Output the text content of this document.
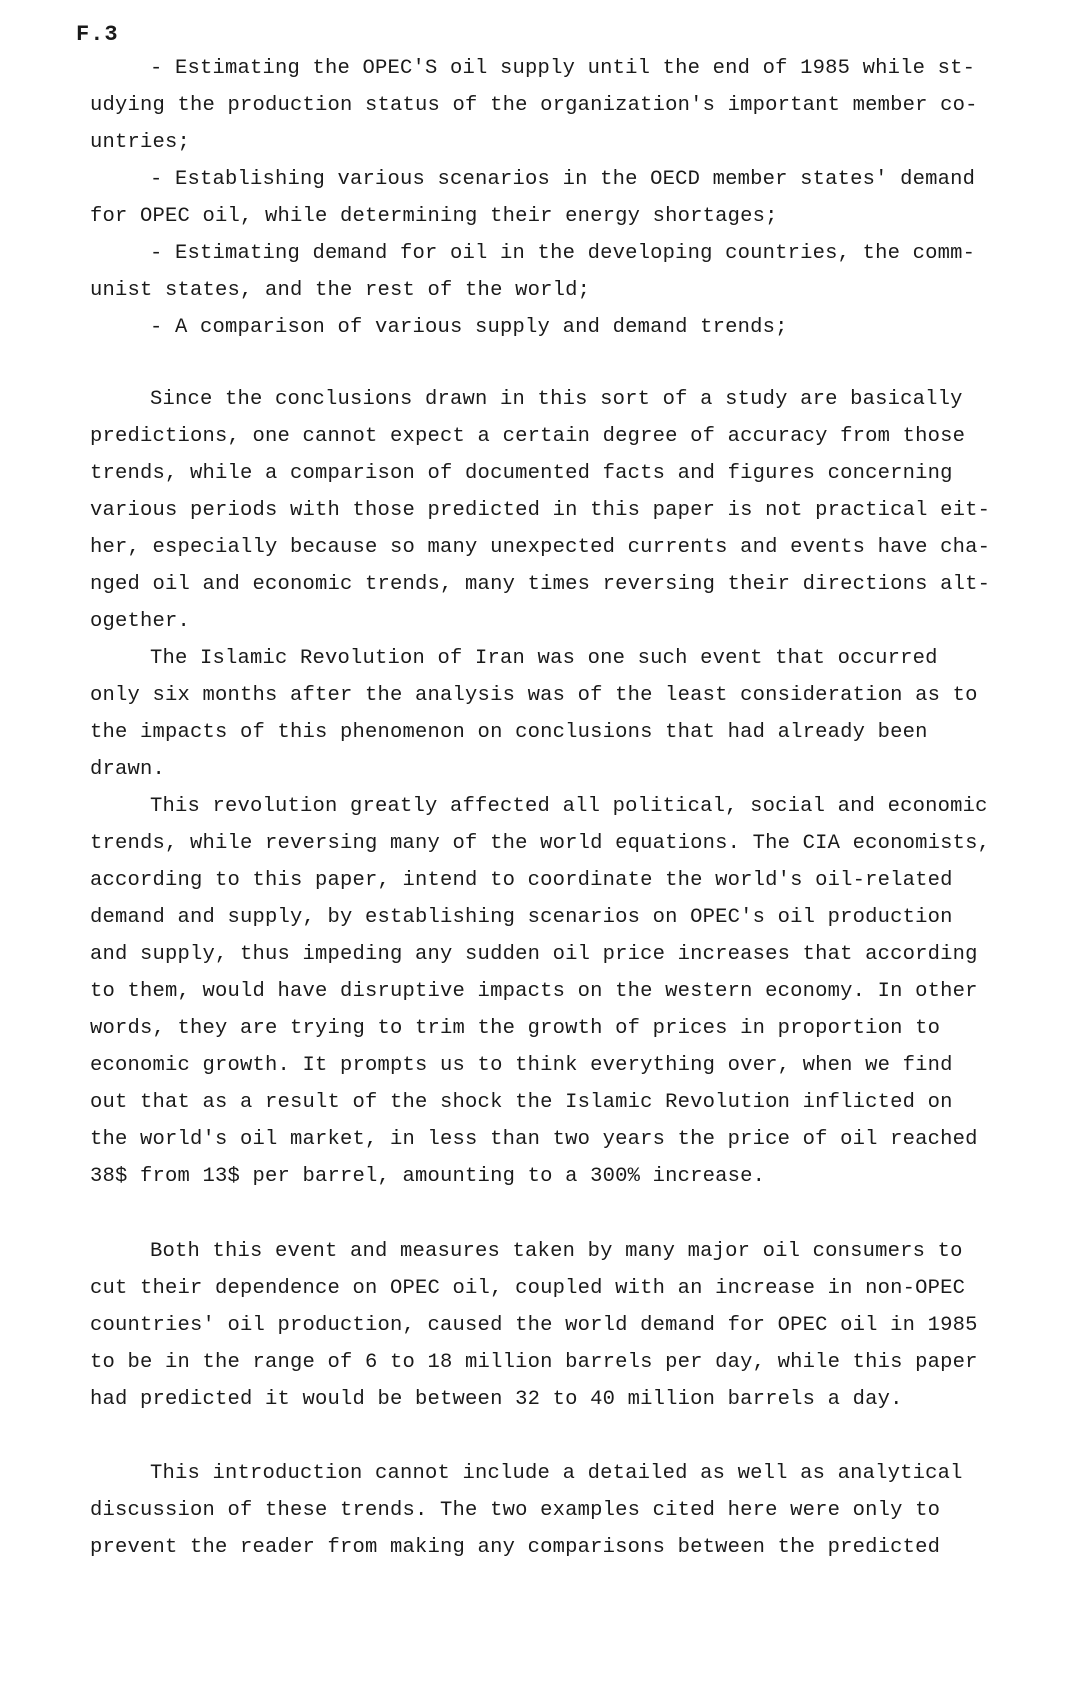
F.3
- Estimating the OPEC'S oil supply until the end of 1985 while st-
udying the production status of the organization's important member co-
untries;
- Establishing various scenarios in the OECD member states' demand
for OPEC oil, while determining their energy shortages;
- Estimating demand for oil in the developing countries, the comm-
unist states, and the rest of the world;
- A comparison of various supply and demand trends;
Since the conclusions drawn in this sort of a study are basically
predictions, one cannot expect a certain degree of accuracy from those
trends, while a comparison of documented facts and figures concerning
various periods with those predicted in this paper is not practical eit-
her, especially because so many unexpected currents and events have cha-
nged oil and economic trends, many times reversing their directions alt-
ogether.
The Islamic Revolution of Iran was one such event that occurred
only six months after the analysis was of the least consideration as to
the impacts of this phenomenon on conclusions that had already been
drawn.
This revolution greatly affected all political, social and economic
trends, while reversing many of the world equations. The CIA economists,
according to this paper, intend to coordinate the world's oil-related
demand and supply, by establishing scenarios on OPEC's oil production
and supply, thus impeding any sudden oil price increases that according
to them, would have disruptive impacts on the western economy. In other
words, they are trying to trim the growth of prices in proportion to
economic growth. It prompts us to think everything over, when we find
out that as a result of the shock the Islamic Revolution inflicted on
the world's oil market, in less than two years the price of oil reached
38$ from 13$ per barrel, amounting to a 300% increase.
Both this event and measures taken by many major oil consumers to
cut their dependence on OPEC oil, coupled with an increase in non-OPEC
countries' oil production, caused the world demand for OPEC oil in 1985
to be in the range of 6 to 18 million barrels per day, while this paper
had predicted it would be between 32 to 40 million barrels a day.
This introduction cannot include a detailed as well as analytical
discussion of these trends. The two examples cited here were only to
prevent the reader from making any comparisons between the predicted
